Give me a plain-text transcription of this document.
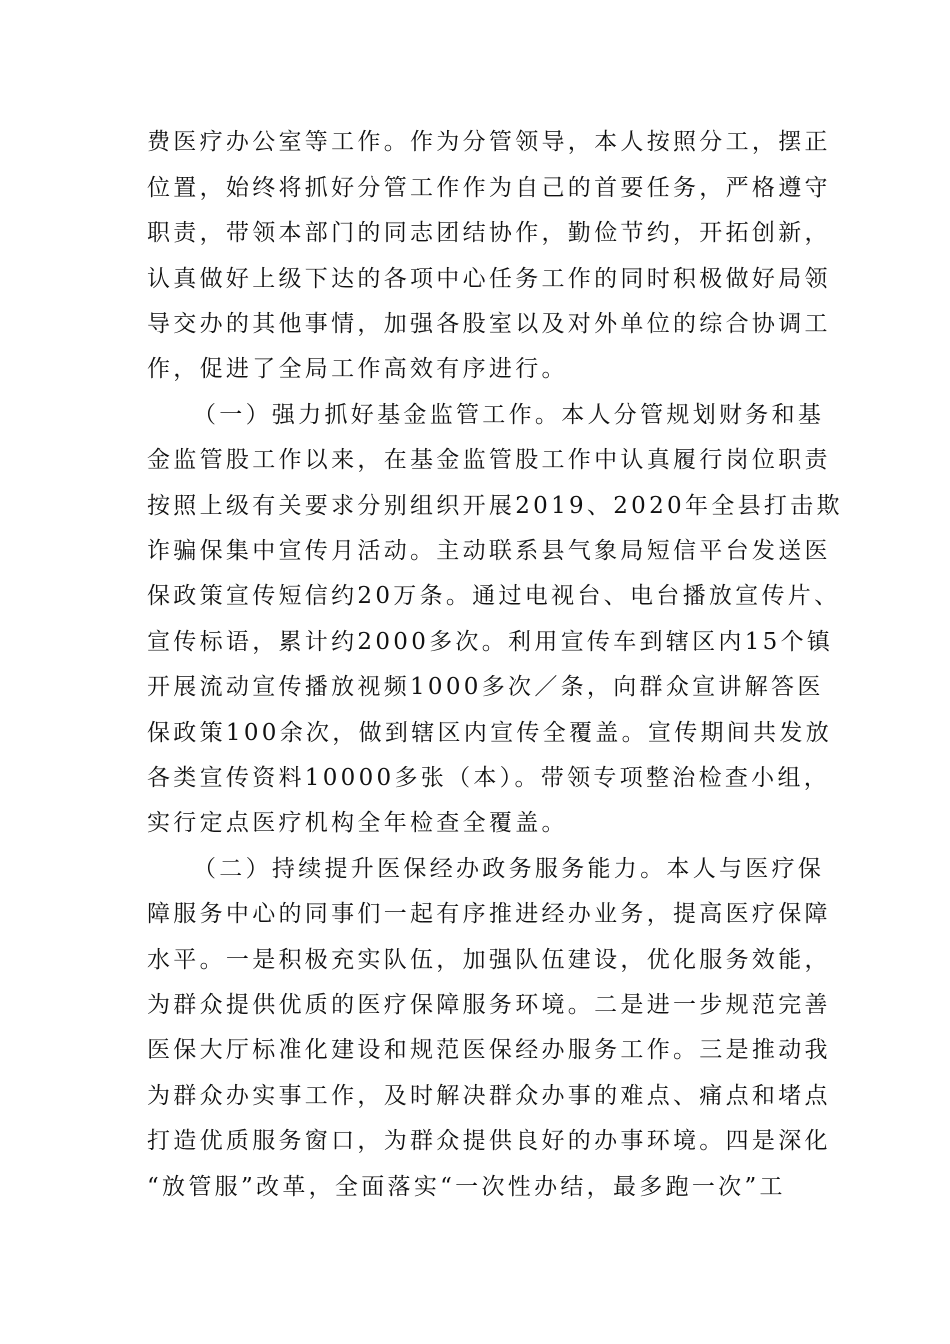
费医疗办公室等工作。作为分管领导，本人按照分工，摆正
位置，始终将抓好分管工作作为自己的首要任务，严格遵守
职责，带领本部门的同志团结协作，勤俭节约，开拓创新，
认真做好上级下达的各项中心任务工作的同时积极做好局领
导交办的其他事情，加强各股室以及对外单位的综合协调工
作，促进了全局工作高效有序进行。
（一）强力抓好基金监管工作。本人分管规划财务和基
金监管股工作以来，在基金监管股工作中认真履行岗位职责
按照上级有关要求分别组织开展2019、2020年全县打击欺
诈骗保集中宣传月活动。主动联系县气象局短信平台发送医
保政策宣传短信约20万条。通过电视台、电台播放宣传片、
宣传标语，累计约2000多次。利用宣传车到辖区内15个镇
开展流动宣传播放视频1000多次／条，向群众宣讲解答医
保政策100余次，做到辖区内宣传全覆盖。宣传期间共发放
各类宣传资料10000多张（本）。带领专项整治检查小组，
实行定点医疗机构全年检查全覆盖。
（二）持续提升医保经办政务服务能力。本人与医疗保
障服务中心的同事们一起有序推进经办业务，提高医疗保障
水平。一是积极充实队伍，加强队伍建设，优化服务效能，
为群众提供优质的医疗保障服务环境。二是进一步规范完善
医保大厅标准化建设和规范医保经办服务工作。三是推动我
为群众办实事工作，及时解决群众办事的难点、痛点和堵点
打造优质服务窗口，为群众提供良好的办事环境。四是深化
“放管服”改革，全面落实“一次性办结，最多跑一次”工
